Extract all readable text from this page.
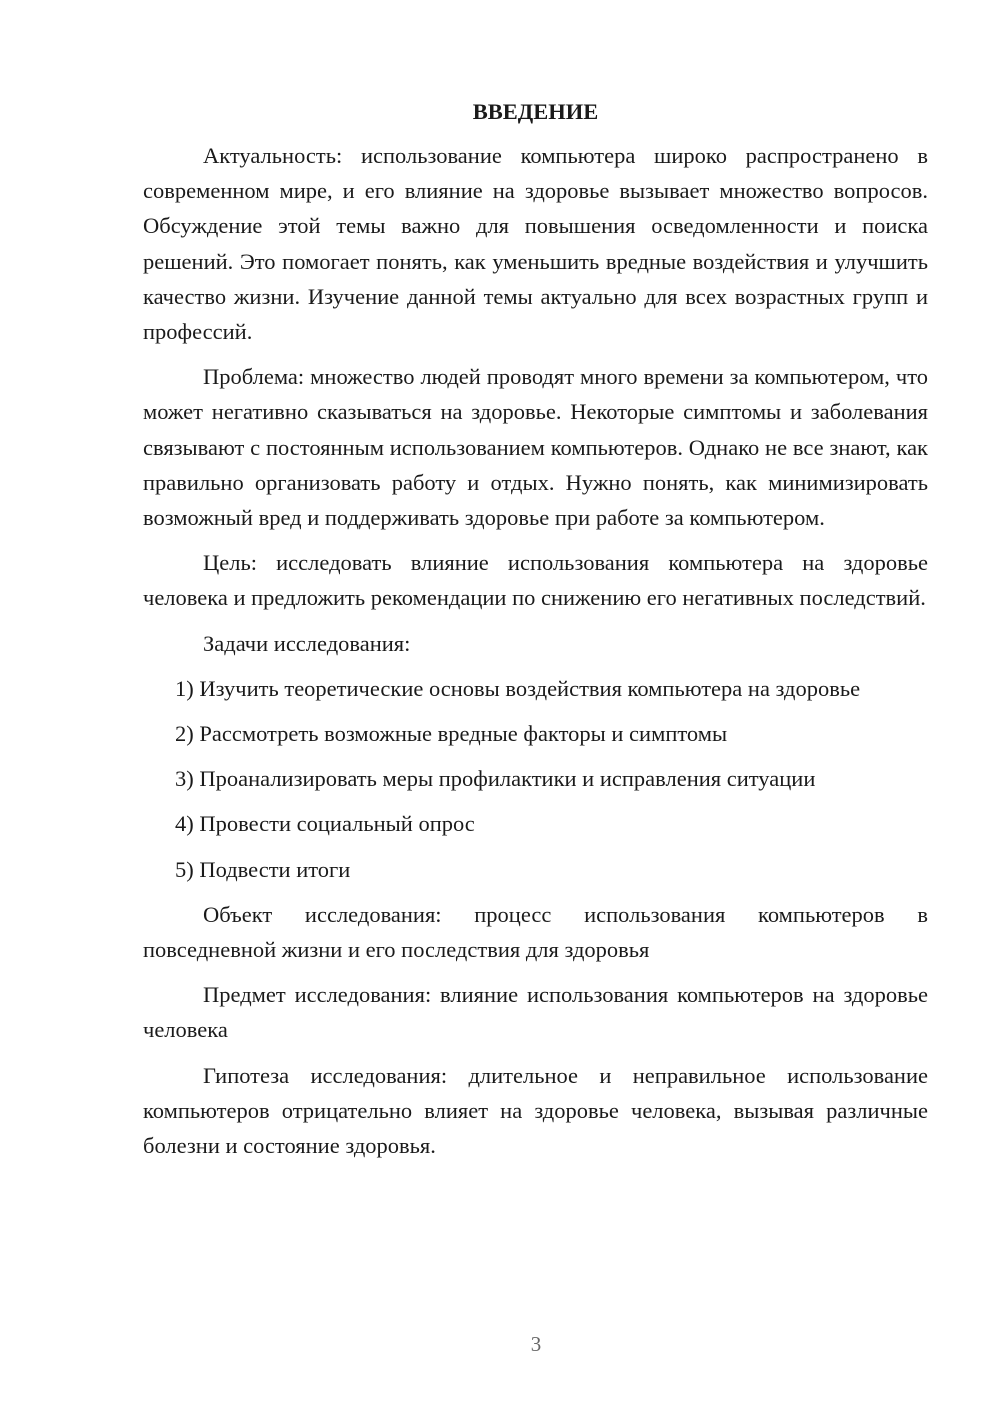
ВВЕДЕНИЕ

Актуальность: использование компьютера широко распространено в современном мире, и его влияние на здоровье вызывает множество вопросов. Обсуждение этой темы важно для повышения осведомленности и поиска решений. Это помогает понять, как уменьшить вредные воздействия и улучшить качество жизни. Изучение данной темы актуально для всех возрастных групп и профессий.

Проблема: множество людей проводят много времени за компьютером, что может негативно сказываться на здоровье. Некоторые симптомы и заболевания связывают с постоянным использованием компьютеров. Однако не все знают, как правильно организовать работу и отдых. Нужно понять, как минимизировать возможный вред и поддерживать здоровье при работе за компьютером.

Цель: исследовать влияние использования компьютера на здоровье человека и предложить рекомендации по снижению его негативных последствий.

Задачи исследования:

1) Изучить теоретические основы воздействия компьютера на здоровье

2) Рассмотреть возможные вредные факторы и симптомы

3) Проанализировать меры профилактики и исправления ситуации

4) Провести социальный опрос

5) Подвести итоги

Объект исследования: процесс использования компьютеров в повседневной жизни и его последствия для здоровья

Предмет исследования: влияние использования компьютеров на здоровье человека

Гипотеза исследования: длительное и неправильное использование компьютеров отрицательно влияет на здоровье человека, вызывая различные болезни и состояние здоровья.

3
